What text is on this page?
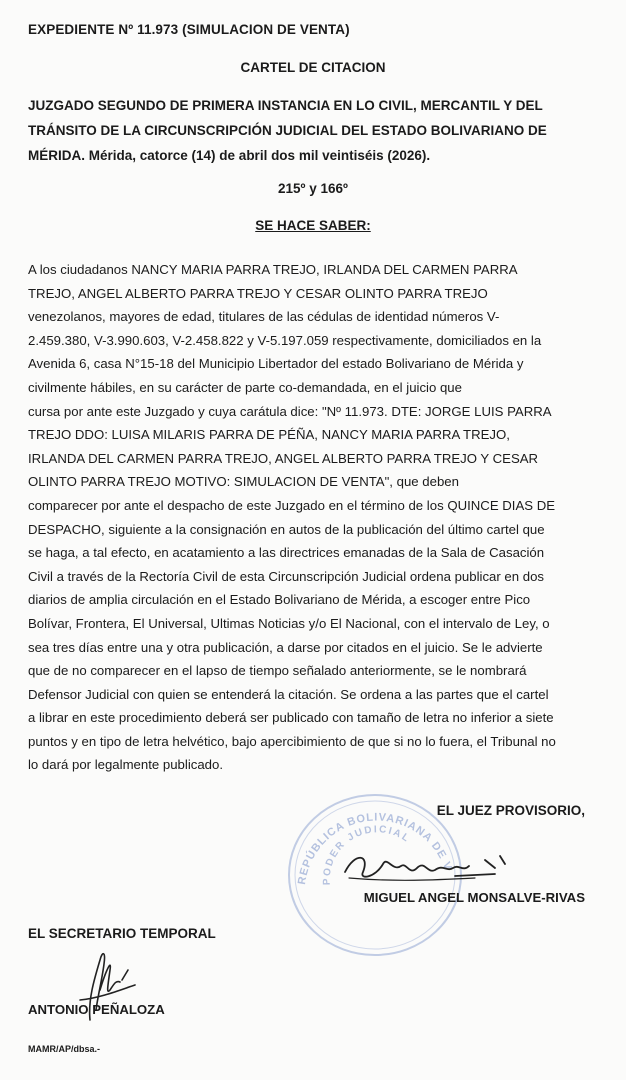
EXPEDIENTE Nº 11.973 (SIMULACION DE VENTA)

CARTEL DE CITACION

JUZGADO SEGUNDO DE PRIMERA INSTANCIA EN LO CIVIL, MERCANTIL Y DEL
TRÁNSITO DE LA CIRCUNSCRIPCIÓN JUDICIAL DEL ESTADO BOLIVARIANO DE
MÉRIDA. Mérida, catorce (14) de abril dos mil veintiséis (2026).

215º y 166º

SE HACE SABER:

A los ciudadanos NANCY MARIA PARRA TREJO, IRLANDA DEL CARMEN PARRA
TREJO, ANGEL ALBERTO PARRA TREJO Y CESAR OLINTO PARRA TREJO
venezolanos, mayores de edad, titulares de las cédulas de identidad números V-
2.459.380, V-3.990.603, V-2.458.822 y V-5.197.059 respectivamente, domiciliados en la
Avenida 6, casa N°15-18 del Municipio Libertador del estado Bolivariano de Mérida y
civilmente hábiles, en su carácter de parte co-demandada, en el juicio que
cursa por ante este Juzgado y cuya carátula dice: "Nº 11.973. DTE: JORGE LUIS PARRA
TREJO DDO: LUISA MILARIS PARRA DE PÉÑA, NANCY MARIA PARRA TREJO,
IRLANDA DEL CARMEN PARRA TREJO, ANGEL ALBERTO PARRA TREJO Y CESAR
OLINTO PARRA TREJO MOTIVO: SIMULACION DE VENTA", que deben
comparecer por ante el despacho de este Juzgado en el término de los QUINCE DIAS DE
DESPACHO, siguiente a la consignación en autos de la publicación del último cartel que
se haga, a tal efecto, en acatamiento a las directrices emanadas de la Sala de Casación
Civil a través de la Rectoría Civil de esta Circunscripción Judicial ordena publicar en dos
diarios de amplia circulación en el Estado Bolivariano de Mérida, a escoger entre Pico
Bolívar, Frontera, El Universal, Ultimas Noticias y/o El Nacional, con el intervalo de Ley, o
sea tres días entre una y otra publicación, a darse por citados en el juicio. Se le advierte
que de no comparecer en el lapso de tiempo señalado anteriormente, se le nombrará
Defensor Judicial con quien se entenderá la citación. Se ordena a las partes que el cartel
a librar en este procedimiento deberá ser publicado con tamaño de letra no inferior a siete
puntos y en tipo de letra helvético, bajo apercibimiento de que si no lo fuera, el Tribunal no
lo dará por legalmente publicado.
REPÚBLICA BOLIVARIANA DE VENEZUELA
PODER JUDICIAL

EL JUEZ PROVISORIO,

MIGUEL ANGEL MONSALVE-RIVAS

EL SECRETARIO TEMPORAL

ANTONIO PEÑALOZA

MAMR/AP/dbsa.-
